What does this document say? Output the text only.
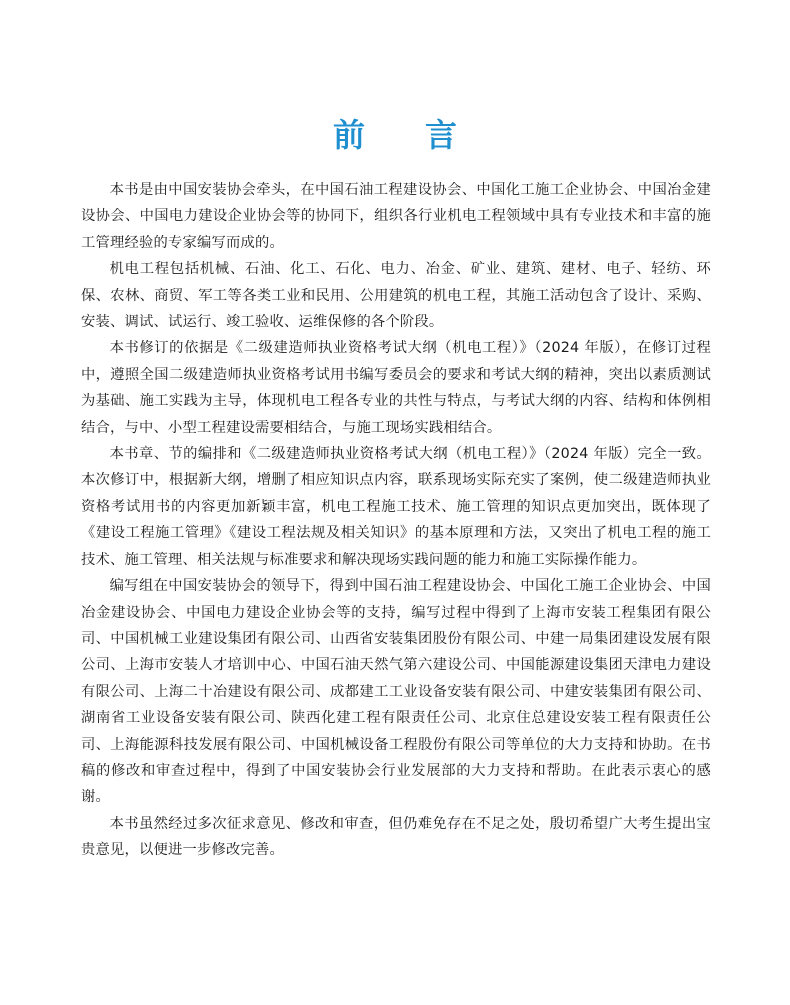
前言

本书是由中国安装协会牵头，在中国石油工程建设协会、中国化工施工企业协会、中国冶金建设协会、中国电力建设企业协会等的协同下，组织各行业机电工程领域中具有专业技术和丰富的施工管理经验的专家编写而成的。

机电工程包括机械、石油、化工、石化、电力、冶金、矿业、建筑、建材、电子、轻纺、环保、农林、商贸、军工等各类工业和民用、公用建筑的机电工程，其施工活动包含了设计、采购、安装、调试、试运行、竣工验收、运维保修的各个阶段。

本书修订的依据是《二级建造师执业资格考试大纲（机电工程）》（2024 年版），在修订过程中，遵照全国二级建造师执业资格考试用书编写委员会的要求和考试大纲的精神，突出以素质测试为基础、施工实践为主导，体现机电工程各专业的共性与特点，与考试大纲的内容、结构和体例相结合，与中、小型工程建设需要相结合，与施工现场实践相结合。

本书章、节的编排和《二级建造师执业资格考试大纲（机电工程）》（2024 年版）完全一致。本次修订中，根据新大纲，增删了相应知识点内容，联系现场实际充实了案例，使二级建造师执业资格考试用书的内容更加新颖丰富，机电工程施工技术、施工管理的知识点更加突出，既体现了《建设工程施工管理》《建设工程法规及相关知识》的基本原理和方法，又突出了机电工程的施工技术、施工管理、相关法规与标准要求和解决现场实践问题的能力和施工实际操作能力。

编写组在中国安装协会的领导下，得到中国石油工程建设协会、中国化工施工企业协会、中国冶金建设协会、中国电力建设企业协会等的支持，编写过程中得到了上海市安装工程集团有限公司、中国机械工业建设集团有限公司、山西省安装集团股份有限公司、中建一局集团建设发展有限公司、上海市安装人才培训中心、中国石油天然气第六建设公司、中国能源建设集团天津电力建设有限公司、上海二十冶建设有限公司、成都建工工业设备安装有限公司、中建安装集团有限公司、湖南省工业设备安装有限公司、陕西化建工程有限责任公司、北京住总建设安装工程有限责任公司、上海能源科技发展有限公司、中国机械设备工程股份有限公司等单位的大力支持和协助。在书稿的修改和审查过程中，得到了中国安装协会行业发展部的大力支持和帮助。在此表示衷心的感谢。

本书虽然经过多次征求意见、修改和审查，但仍难免存在不足之处，殷切希望广大考生提出宝贵意见，以便进一步修改完善。
